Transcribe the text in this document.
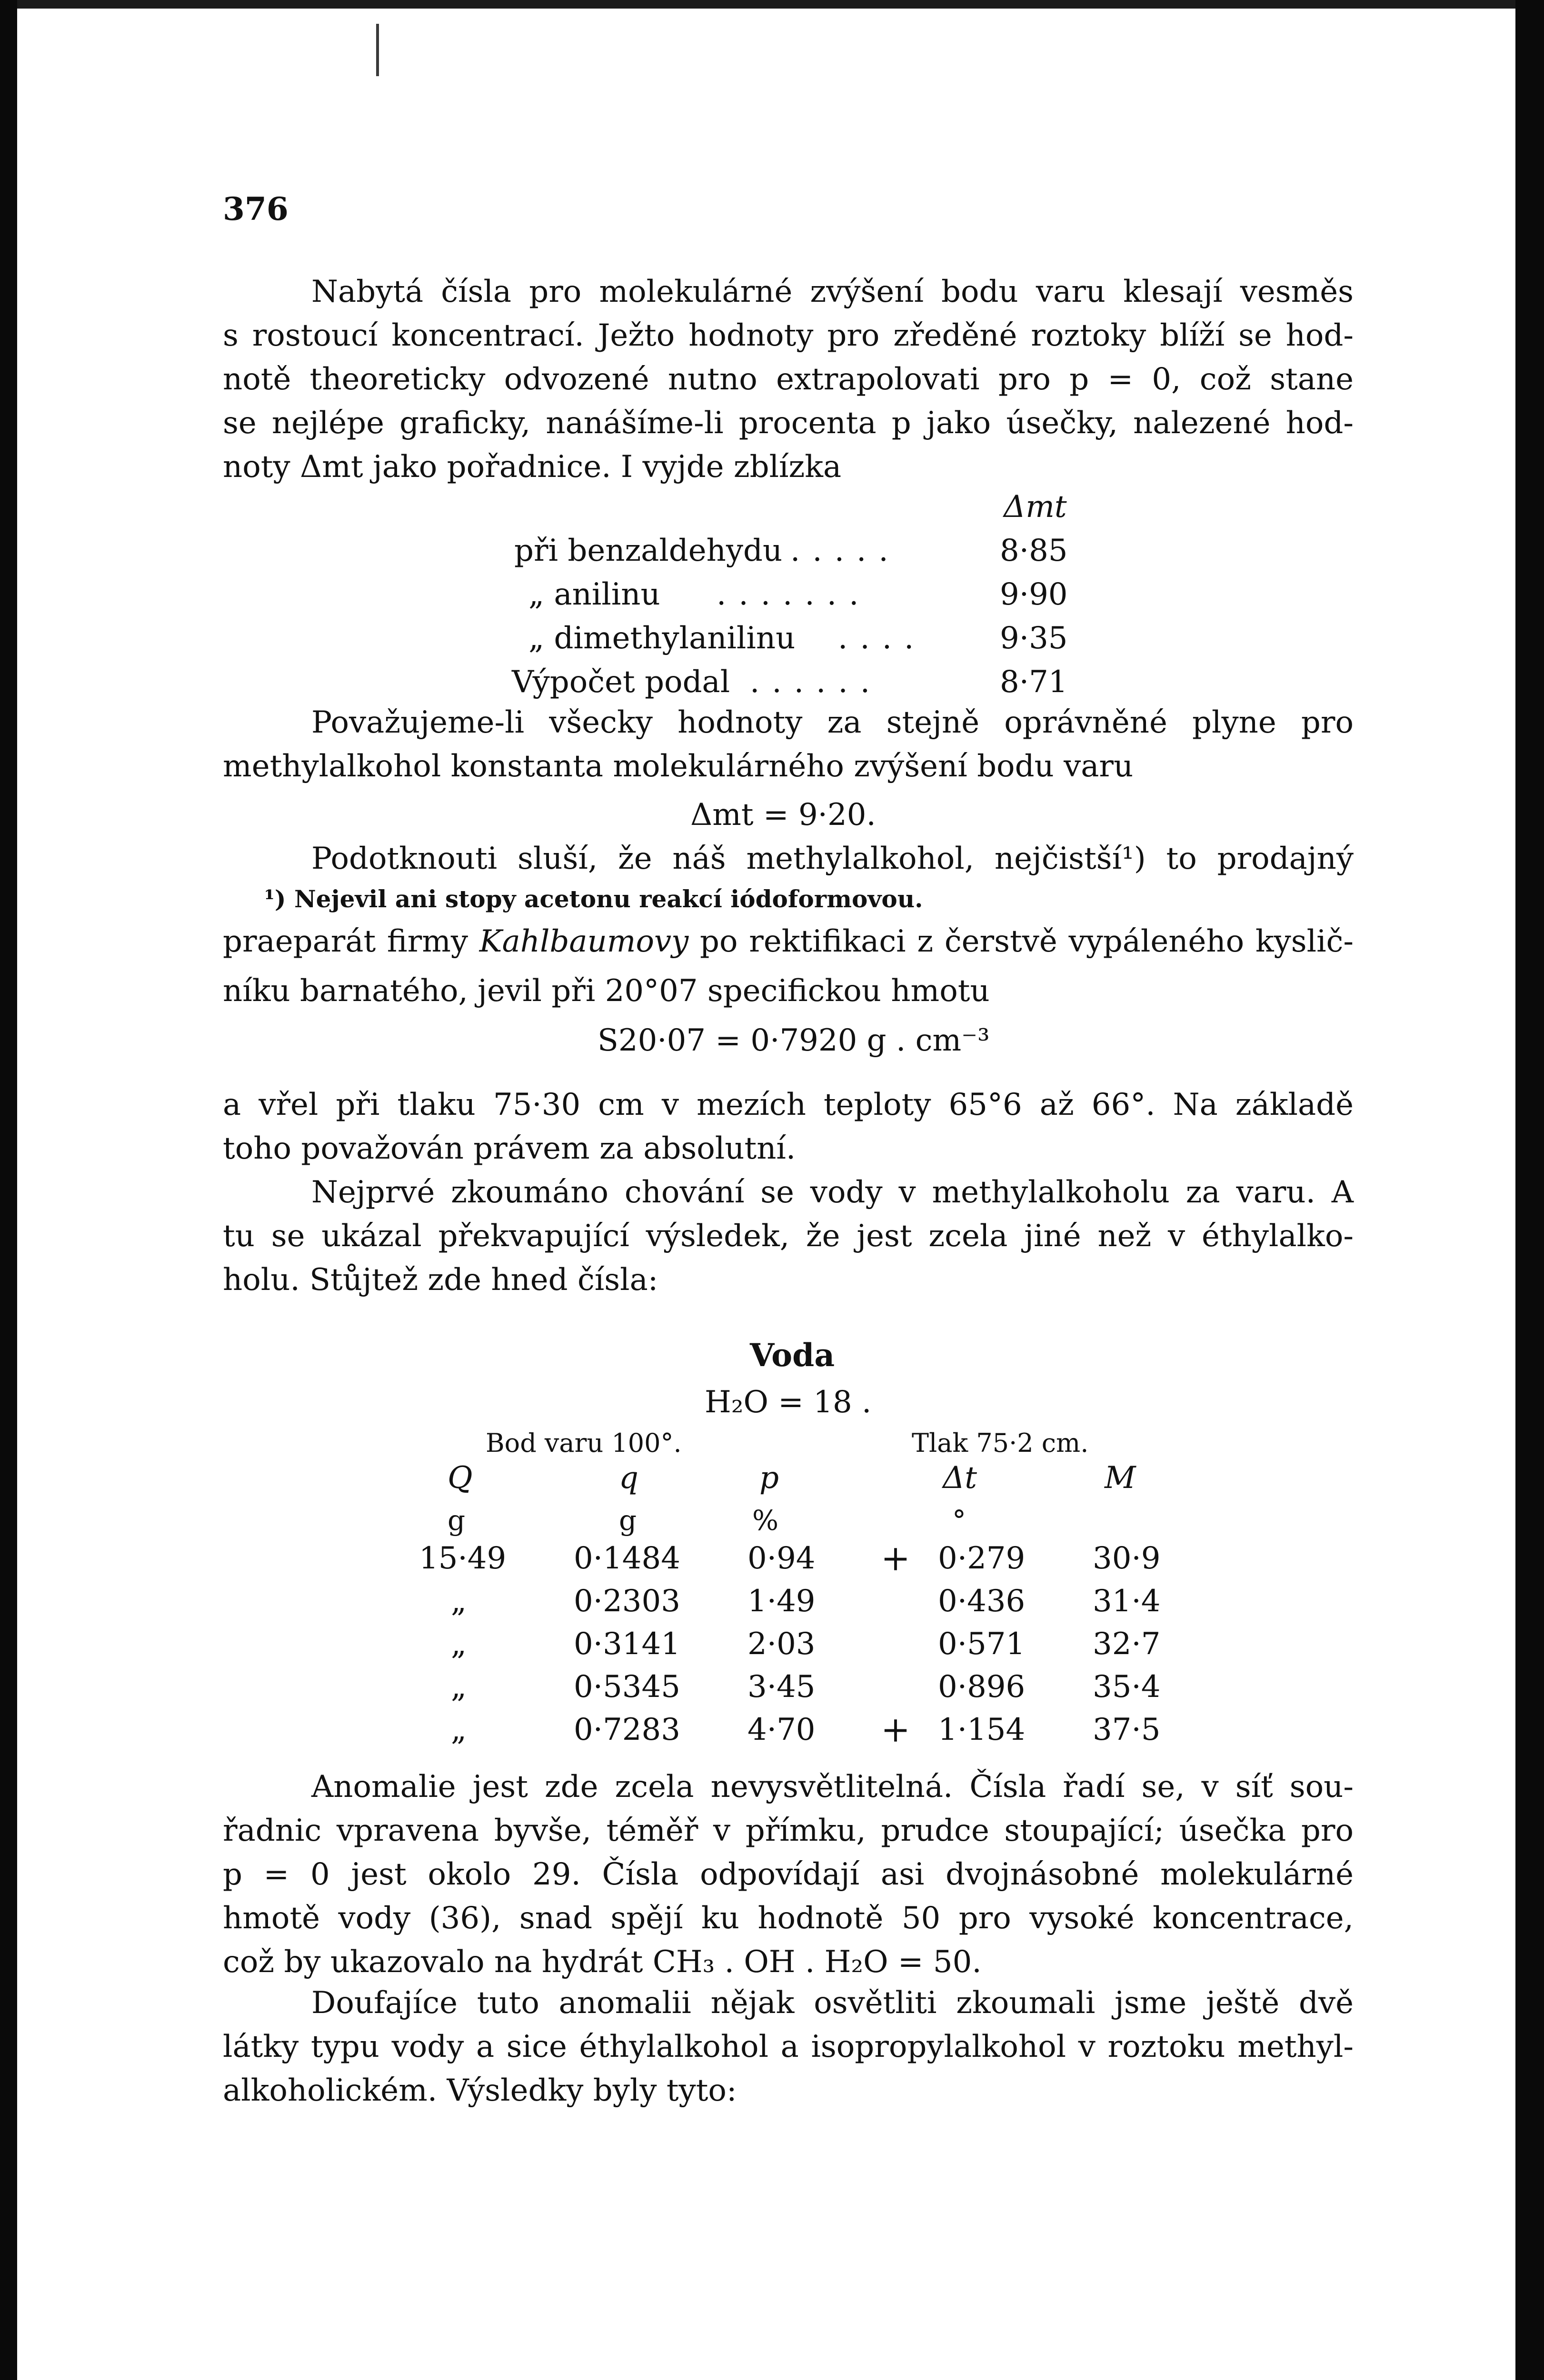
376

Nabytá čísla pro molekulárné zvýšení bodu varu klesají vesměs

s rostoucí koncentrací. Ježto hodnoty pro zředěné roztoky blíží se hod-

notě theoreticky odvozené nutno extrapolovati pro p = 0, což stane

se nejlépe graficky, nanášíme-li procenta p jako úsečky, nalezené hod-

noty Δmt jako pořadnice. I vyjde zblízka

Δmt
při benzaldehydu .....	8·85
„ anilinu .......	9·90
„ dimethylanilinu .... 9·35
Výpočet podal ......	8·71

Považujeme-li všecky hodnoty za stejně oprávněné plyne pro

methylalkohol konstanta molekulárného zvýšení bodu varu

Δmt = 9·20.

Podotknouti sluší, že náš methylalkohol, nejčistší¹) to prodajný

¹) Nejevil ani stopy acetonu reakcí iódoformovou.

praeparát firmy Kahlbaumovy po rektifikaci z čerstvě vypáleného kyslič-

níku barnatého, jevil při 20°07 specifickou hmotu

S20·07 = 0·7920 g . cm⁻³

a vřel při tlaku 75·30 cm v mezích teploty 65°6 až 66°. Na základě

toho považován právem za absolutní.

Nejprvé zkoumáno chování se vody v methylalkoholu za varu. A

tu se ukázal překvapující výsledek, že jest zcela jiné než v éthylalko-

holu. Stůjtež zde hned čísla:

Voda
H₂O = 18 .
Bod varu 100°.	Tlak 75·2 cm.
Q	q	p	Δt	M
g	g	%	°
15·49 0·1484 0·94 + 0·279 30·9
„	0·2303 1·49	0·436 31·4
„	0·3141 2·03	0·571 32·7
„	0·5345 3·45	0·896 35·4
„	0·7283 4·70 + 1·154 37·5

Anomalie jest zde zcela nevysvětlitelná. Čísla řadí se, v síť sou-

řadnic vpravena byvše, téměř v přímku, prudce stoupající; úsečka pro

p = 0 jest okolo 29. Čísla odpovídají asi dvojnásobné molekulárné

hmotě vody (36), snad spějí ku hodnotě 50 pro vysoké koncentrace,

což by ukazovalo na hydrát CH₃ . OH . H₂O = 50.

Doufajíce tuto anomalii nějak osvětliti zkoumali jsme ještě dvě

látky typu vody a sice éthylalkohol a isopropylalkohol v roztoku methyl-

alkoholickém. Výsledky byly tyto:
